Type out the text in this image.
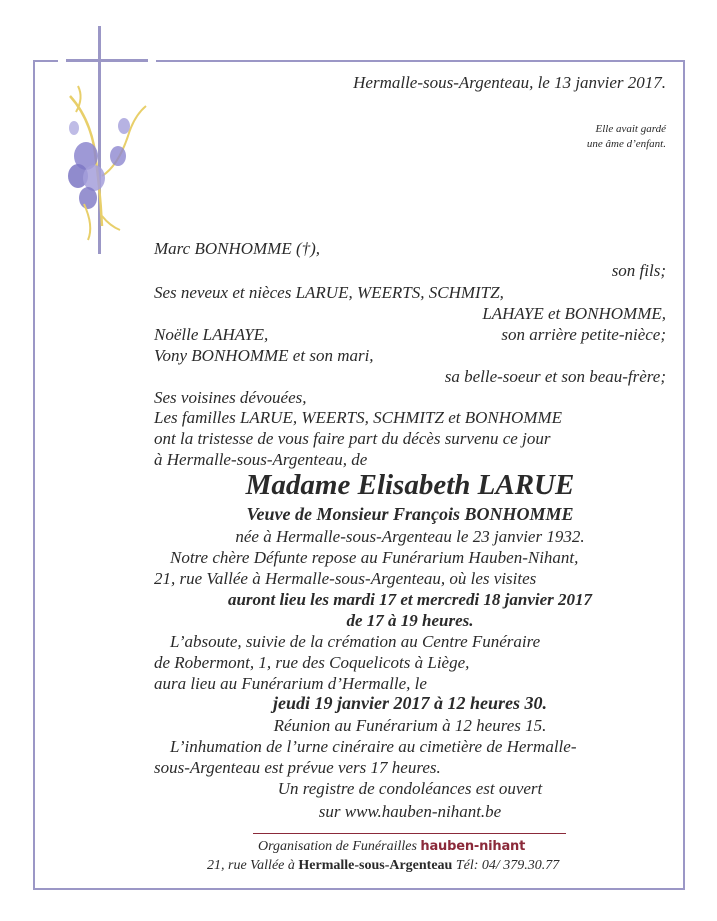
Hermalle-sous-Argenteau, le 13 janvier 2017.
Elle avait gardé
une âme d’enfant.
Marc BONHOMME (†),
son fils;
Ses neveux et nièces LARUE, WEERTS, SCHMITZ,
LAHAYE et BONHOMME,
Noëlle LAHAYE,	son arrière petite-nièce;
Vony BONHOMME et son mari,
sa belle-soeur et son beau-frère;
Ses voisines dévouées,
Les familles LARUE, WEERTS, SCHMITZ et BONHOMME
ont la tristesse de vous faire part du décès survenu ce jour
à Hermalle-sous-Argenteau, de
Madame Elisabeth LARUE
Veuve de Monsieur François BONHOMME
née à Hermalle-sous-Argenteau le 23 janvier 1932.
Notre chère Défunte repose au Funérarium Hauben-Nihant,
21, rue Vallée à Hermalle-sous-Argenteau, où les visites
auront lieu les mardi 17 et mercredi 18 janvier 2017
de 17 à 19 heures.
L’absoute, suivie de la crémation au Centre Funéraire
de Robermont, 1, rue des Coquelicots à Liège,
aura lieu au Funérarium d’Hermalle, le
jeudi 19 janvier 2017 à 12 heures 30.
Réunion au Funérarium à 12 heures 15.
L’inhumation de l’urne cinéraire au cimetière de Hermalle-
sous-Argenteau est prévue vers 17 heures.
Un registre de condoléances est ouvert
sur www.hauben-nihant.be
Organisation de Funérailles hauben-nihant
21, rue Vallée à Hermalle-sous-Argenteau Tél: 04/ 379.30.77
